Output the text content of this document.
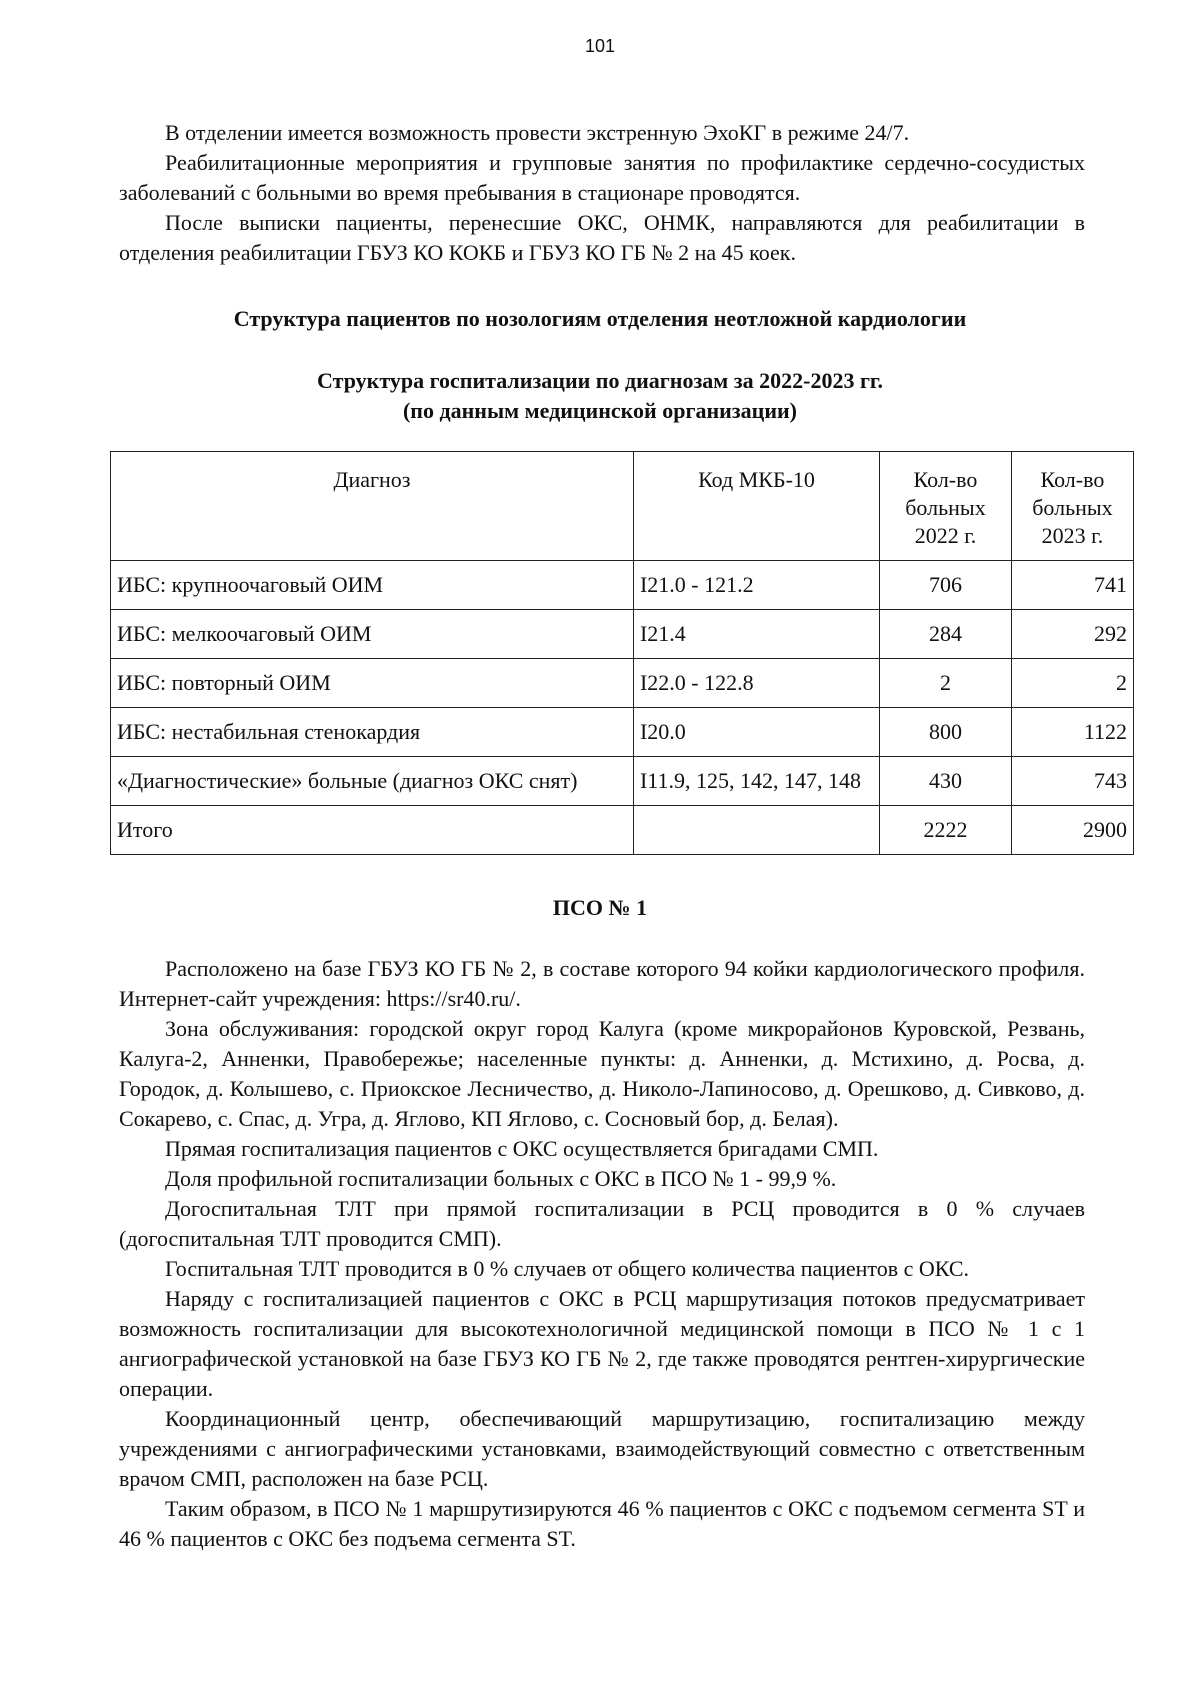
101

В отделении имеется возможность провести экстренную ЭхоКГ в режиме 24/7.

Реабилитационные мероприятия и групповые занятия по профилактике сердечно-сосудистых заболеваний с больными во время пребывания в стационаре проводятся.

После выписки пациенты, перенесшие ОКС, ОНМК, направляются для реабилитации в отделения реабилитации ГБУЗ КО КОКБ и ГБУЗ КО ГБ № 2 на 45 коек.

Структура пациентов по нозологиям отделения неотложной кардиологии
Структура госпитализации по диагнозам за 2022-2023 гг.
(по данным медицинской организации)
Диагноз	Код МКБ-10	Кол-во больных 2022 г.	Кол-во больных 2023 г.
ИБС: крупноочаговый ОИМ	I21.0 - 121.2	706	741
ИБС: мелкоочаговый ОИМ	I21.4	284	292
ИБС: повторный ОИМ	I22.0 - 122.8	2	2
ИБС: нестабильная стенокардия	I20.0	800	1122
«Диагностические» больные (диагноз ОКС снят)	I11.9, 125, 142, 147, 148	430	743
Итого		2222	2900
ПСО № 1

Расположено на базе ГБУЗ КО ГБ № 2, в составе которого 94 койки кардиологического профиля. Интернет-сайт учреждения: https://sr40.ru/.

Зона обслуживания: городской округ город Калуга (кроме микрорайонов Куровской, Резвань, Калуга-2, Анненки, Правобережье; населенные пункты: д. Анненки, д. Мстихино, д. Росва, д. Городок, д. Колышево, с. Приокское Лесничество, д. Николо-Лапиносово, д. Орешково, д. Сивково, д. Сокарево, с. Спас, д. Угра, д. Яглово, КП Яглово, с. Сосновый бор, д. Белая).

Прямая госпитализация пациентов с ОКС осуществляется бригадами СМП.

Доля профильной госпитализации больных с ОКС в ПСО № 1 - 99,9 %.

Догоспитальная ТЛТ при прямой госпитализации в РСЦ проводится в 0 % случаев (догоспитальная ТЛТ проводится СМП).

Госпитальная ТЛТ проводится в 0 % случаев от общего количества пациентов с ОКС.

Наряду с госпитализацией пациентов с ОКС в РСЦ маршрутизация потоков предусматривает возможность госпитализации для высокотехнологичной медицинской помощи в ПСО № 1 с 1 ангиографической установкой на базе ГБУЗ КО ГБ № 2, где также проводятся рентген-хирургические операции.

Координационный центр, обеспечивающий маршрутизацию, госпитализацию между учреждениями с ангиографическими установками, взаимодействующий совместно с ответственным врачом СМП, расположен на базе РСЦ.

Таким образом, в ПСО № 1 маршрутизируются 46 % пациентов с ОКС с подъемом сегмента ST и 46 % пациентов с ОКС без подъема сегмента ST.
